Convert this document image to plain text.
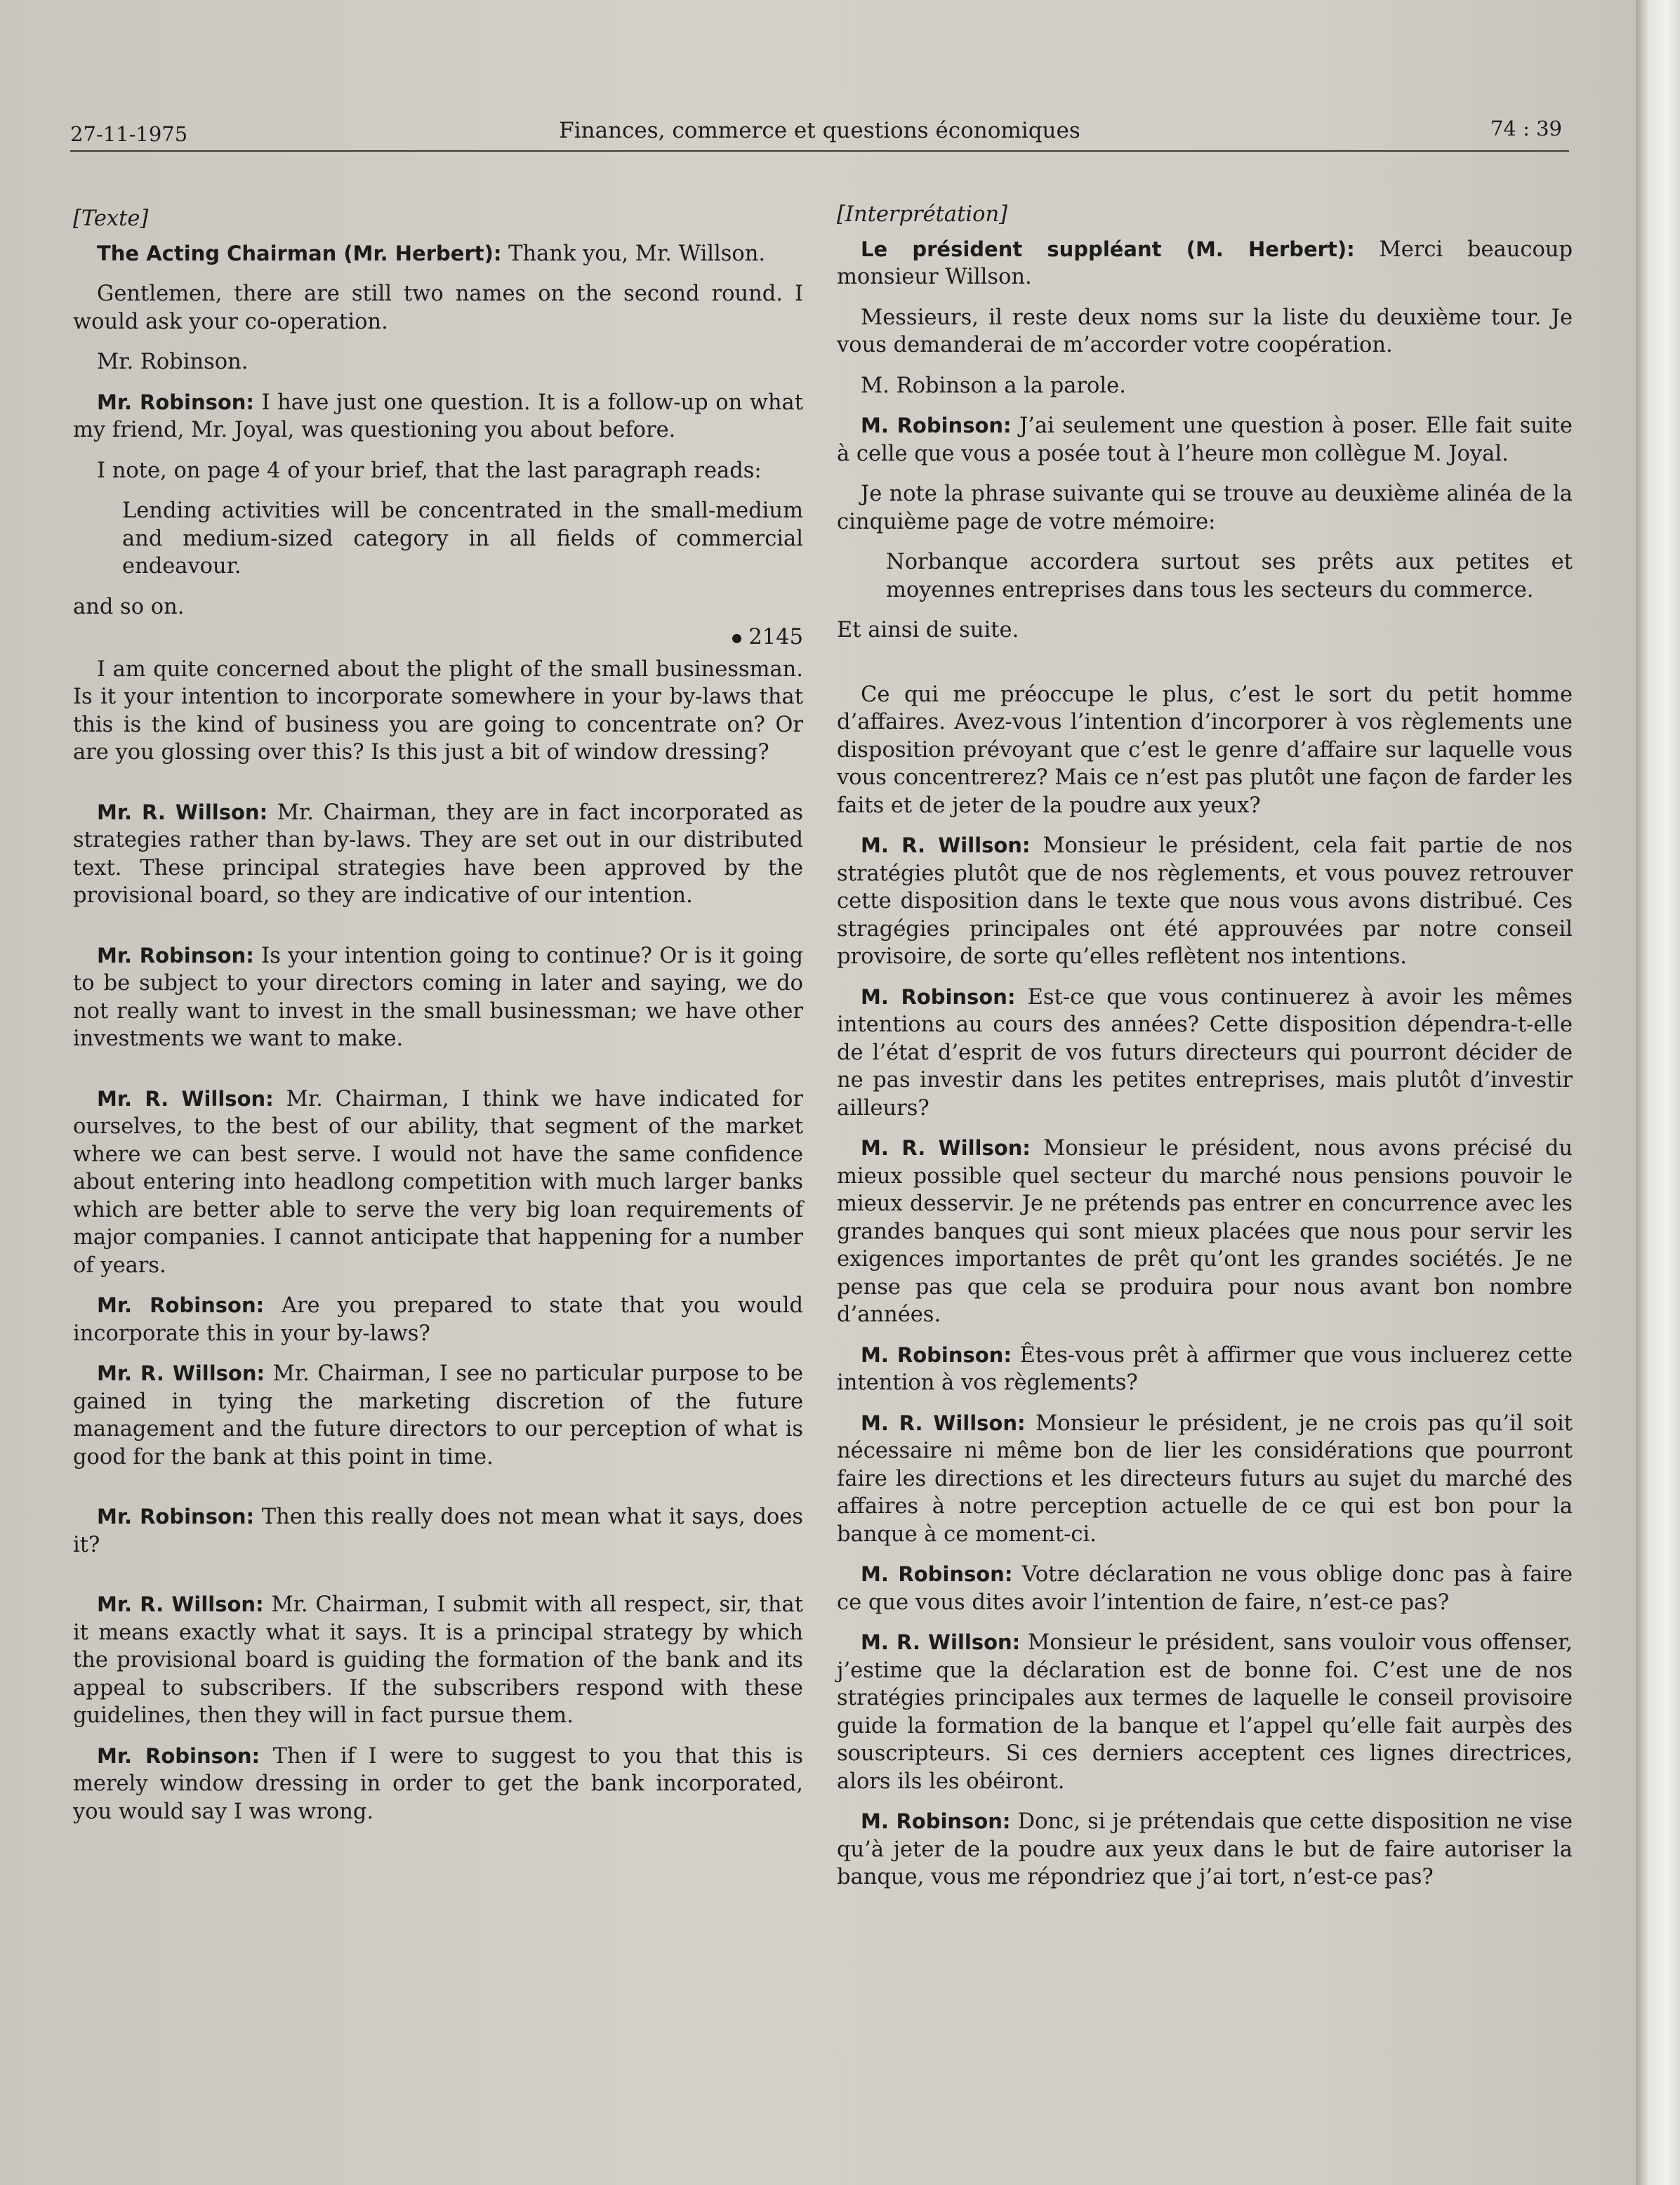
27-11-1975	Finances, commerce et questions économiques	74 : 39

[Texte]

The Acting Chairman (Mr. Herbert): Thank you, Mr. Willson.

Gentlemen, there are still two names on the second round. I would ask your co-operation.

Mr. Robinson.

Mr. Robinson: I have just one question. It is a follow-up on what my friend, Mr. Joyal, was questioning you about before.

I note, on page 4 of your brief, that the last paragraph reads:

Lending activities will be concentrated in the small-medium and medium-sized category in all fields of commercial endeavour.

and so on.

2145

I am quite concerned about the plight of the small businessman. Is it your intention to incorporate somewhere in your by-laws that this is the kind of business you are going to concentrate on? Or are you glossing over this? Is this just a bit of window dressing?

Mr. R. Willson: Mr. Chairman, they are in fact incorporated as strategies rather than by-laws. They are set out in our distributed text. These principal strategies have been approved by the provisional board, so they are indicative of our intention.

Mr. Robinson: Is your intention going to continue? Or is it going to be subject to your directors coming in later and saying, we do not really want to invest in the small businessman; we have other investments we want to make.

Mr. R. Willson: Mr. Chairman, I think we have indicated for ourselves, to the best of our ability, that segment of the market where we can best serve. I would not have the same confidence about entering into headlong competition with much larger banks which are better able to serve the very big loan requirements of major companies. I cannot anticipate that happening for a number of years.

Mr. Robinson: Are you prepared to state that you would incorporate this in your by-laws?

Mr. R. Willson: Mr. Chairman, I see no particular purpose to be gained in tying the marketing discretion of the future management and the future directors to our perception of what is good for the bank at this point in time.

Mr. Robinson: Then this really does not mean what it says, does it?

Mr. R. Willson: Mr. Chairman, I submit with all respect, sir, that it means exactly what it says. It is a principal strategy by which the provisional board is guiding the formation of the bank and its appeal to subscribers. If the subscribers respond with these guidelines, then they will in fact pursue them.

Mr. Robinson: Then if I were to suggest to you that this is merely window dressing in order to get the bank incorporated, you would say I was wrong.

[Interprétation]

Le président suppléant (M. Herbert): Merci beaucoup monsieur Willson.

Messieurs, il reste deux noms sur la liste du deuxième tour. Je vous demanderai de m’accorder votre coopération.

M. Robinson a la parole.

M. Robinson: J’ai seulement une question à poser. Elle fait suite à celle que vous a posée tout à l’heure mon collègue M. Joyal.

Je note la phrase suivante qui se trouve au deuxième alinéa de la cinquième page de votre mémoire:

Norbanque accordera surtout ses prêts aux petites et moyennes entreprises dans tous les secteurs du commerce.

Et ainsi de suite.

Ce qui me préoccupe le plus, c’est le sort du petit homme d’affaires. Avez-vous l’intention d’incorporer à vos règlements une disposition prévoyant que c’est le genre d’affaire sur laquelle vous vous concentrerez? Mais ce n’est pas plutôt une façon de farder les faits et de jeter de la poudre aux yeux?

M. R. Willson: Monsieur le président, cela fait partie de nos stratégies plutôt que de nos règlements, et vous pouvez retrouver cette disposition dans le texte que nous vous avons distribué. Ces stragégies principales ont été approuvées par notre conseil provisoire, de sorte qu’elles reflètent nos intentions.

M. Robinson: Est-ce que vous continuerez à avoir les mêmes intentions au cours des années? Cette disposition dépendra-t-elle de l’état d’esprit de vos futurs directeurs qui pourront décider de ne pas investir dans les petites entreprises, mais plutôt d’investir ailleurs?

M. R. Willson: Monsieur le président, nous avons précisé du mieux possible quel secteur du marché nous pensions pouvoir le mieux desservir. Je ne prétends pas entrer en concurrence avec les grandes banques qui sont mieux placées que nous pour servir les exigences importantes de prêt qu’ont les grandes sociétés. Je ne pense pas que cela se produira pour nous avant bon nombre d’années.

M. Robinson: Êtes-vous prêt à affirmer que vous incluerez cette intention à vos règlements?

M. R. Willson: Monsieur le président, je ne crois pas qu’il soit nécessaire ni même bon de lier les considérations que pourront faire les directions et les directeurs futurs au sujet du marché des affaires à notre perception actuelle de ce qui est bon pour la banque à ce moment-ci.

M. Robinson: Votre déclaration ne vous oblige donc pas à faire ce que vous dites avoir l’intention de faire, n’est-ce pas?

M. R. Willson: Monsieur le président, sans vouloir vous offenser, j’estime que la déclaration est de bonne foi. C’est une de nos stratégies principales aux termes de laquelle le conseil provisoire guide la formation de la banque et l’appel qu’elle fait aurpès des souscripteurs. Si ces derniers acceptent ces lignes directrices, alors ils les obéiront.

M. Robinson: Donc, si je prétendais que cette disposition ne vise qu’à jeter de la poudre aux yeux dans le but de faire autoriser la banque, vous me répondriez que j’ai tort, n’est-ce pas?
